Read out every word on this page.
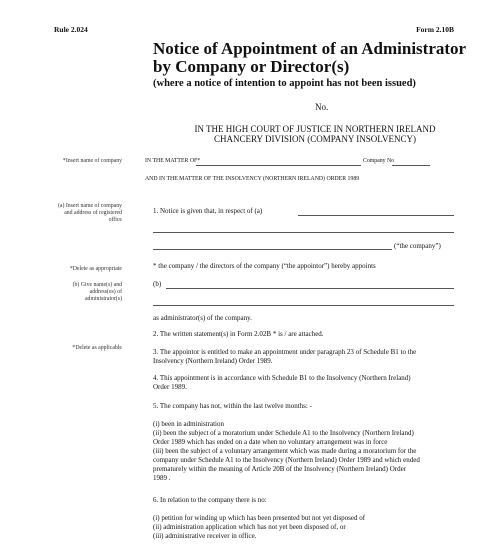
Rule 2.024	Form 2.10B
Notice of Appointment of an Administrator
by Company or Director(s)
(where a notice of intention to appoint has not been issued)
No.
IN THE HIGH COURT OF JUSTICE IN NORTHERN IRELAND
CHANCERY DIVISION (COMPANY INSOLVENCY)
*Insert name of company	IN THE MATTER OF*	Company No
AND IN THE MATTER OF THE INSOLVENCY (NORTHERN IRELAND) ORDER 1989
(a) Insert name of company
and address of registered
office
*Delete as appropriate
(b) Give name(s) and
address(es) of
administrator(s)
*Delete as applicable
1. Notice is given that, in respect of (a)
(“the company”)
* the company / the directors of the company (“the appointor”) hereby appoints
(b)
as administrator(s) of the company.
2. The written statement(s) in Form 2.02B * is / are attached.
3. The appointor is entitled to make an appointment under paragraph 23 of Schedule B1 to the
Insolvency (Northern Ireland) Order 1989.
4. This appointment is in accordance with Schedule B1 to the Insolvency (Northern Ireland)
Order 1989.
5. The company has not, within the last twelve months: -
(i) been in administration
(ii) been the subject of a moratorium under Schedule A1 to the Insolvency (Northern Ireland)
Order 1989 which has ended on a date when no voluntary arrangement was in force
(iii) been the subject of a voluntary arrangement which was made during a moratorium for the
company under Schedule A1 to the Insolvency (Northern Ireland) Order 1989 and which ended
prematurely within the meaning of Article 20B of the Insolvency (Northern Ireland) Order
1989 .
6. In relation to the company there is no:
(i) petition for winding up which has been presented but not yet disposed of
(ii) administration application which has not yet been disposed of, or
(iii) administrative receiver in office.
